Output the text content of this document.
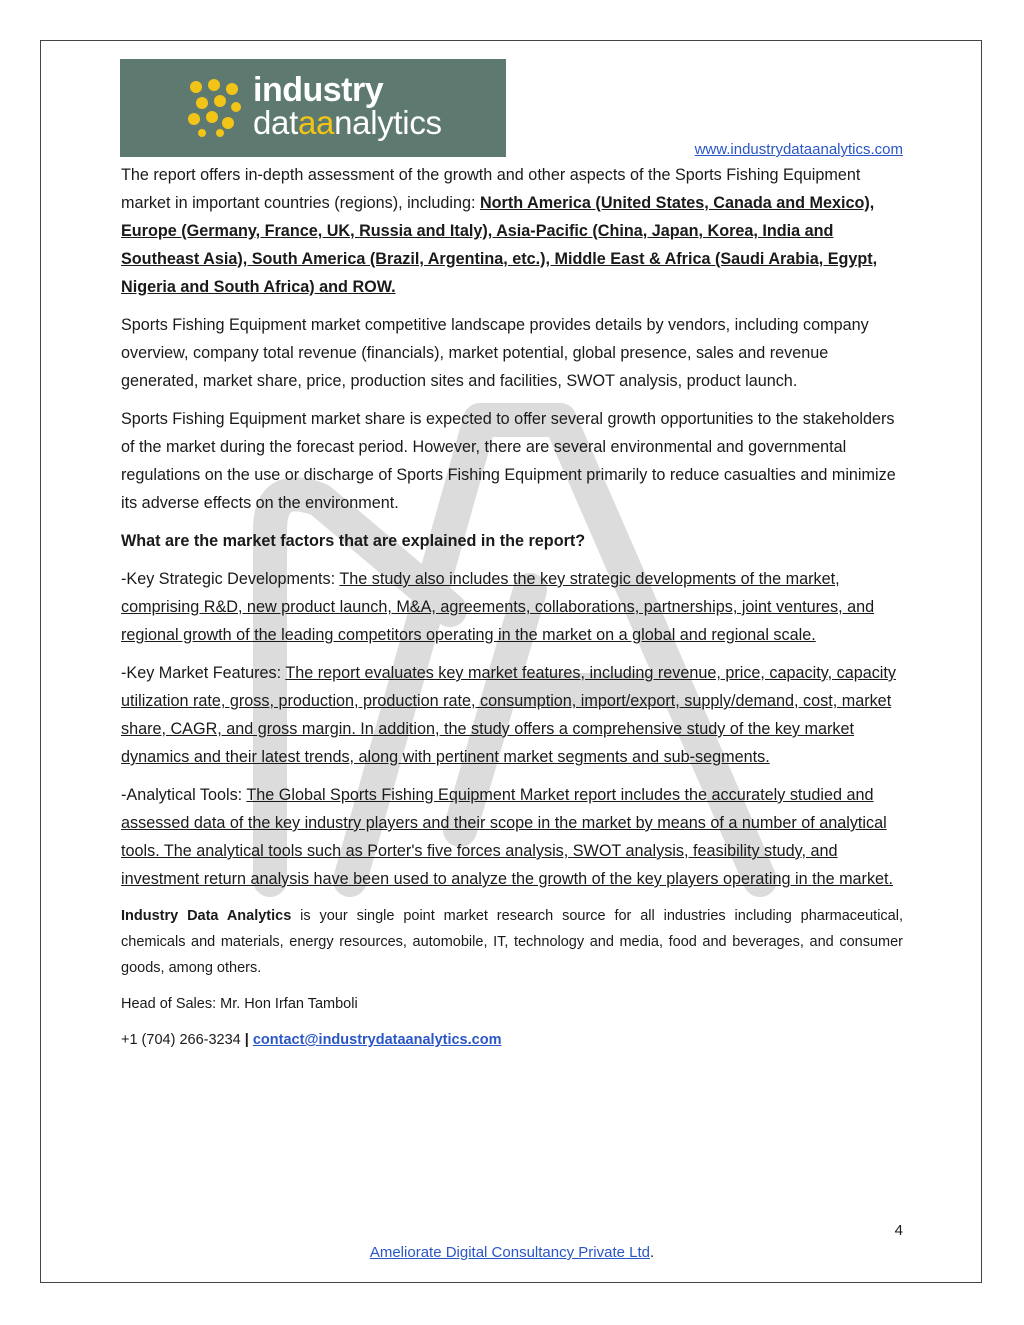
industry
dataanalytics
www.industrydataanalytics.com

The report offers in-depth assessment of the growth and other aspects of the Sports Fishing Equipment market in important countries (regions), including: North America (United States, Canada and Mexico), Europe (Germany, France, UK, Russia and Italy), Asia-Pacific (China, Japan, Korea, India and Southeast Asia), South America (Brazil, Argentina, etc.), Middle East & Africa (Saudi Arabia, Egypt, Nigeria and South Africa) and ROW.

Sports Fishing Equipment market competitive landscape provides details by vendors, including company overview, company total revenue (financials), market potential, global presence, sales and revenue generated, market share, price, production sites and facilities, SWOT analysis, product launch.

Sports Fishing Equipment market share is expected to offer several growth opportunities to the stakeholders of the market during the forecast period. However, there are several environmental and governmental regulations on the use or discharge of Sports Fishing Equipment primarily to reduce casualties and minimize its adverse effects on the environment.

What are the market factors that are explained in the report?

-Key Strategic Developments: The study also includes the key strategic developments of the market, comprising R&D, new product launch, M&A, agreements, collaborations, partnerships, joint ventures, and regional growth of the leading competitors operating in the market on a global and regional scale.

-Key Market Features: The report evaluates key market features, including revenue, price, capacity, capacity utilization rate, gross, production, production rate, consumption, import/export, supply/demand, cost, market share, CAGR, and gross margin. In addition, the study offers a comprehensive study of the key market dynamics and their latest trends, along with pertinent market segments and sub-segments.

-Analytical Tools: The Global Sports Fishing Equipment Market report includes the accurately studied and assessed data of the key industry players and their scope in the market by means of a number of analytical tools. The analytical tools such as Porter's five forces analysis, SWOT analysis, feasibility study, and investment return analysis have been used to analyze the growth of the key players operating in the market.

Industry Data Analytics is your single point market research source for all industries including pharmaceutical, chemicals and materials, energy resources, automobile, IT, technology and media, food and beverages, and consumer goods, among others.

Head of Sales: Mr. Hon Irfan Tamboli

+1 (704) 266-3234 | contact@industrydataanalytics.com

4
Ameliorate Digital Consultancy Private Ltd.
